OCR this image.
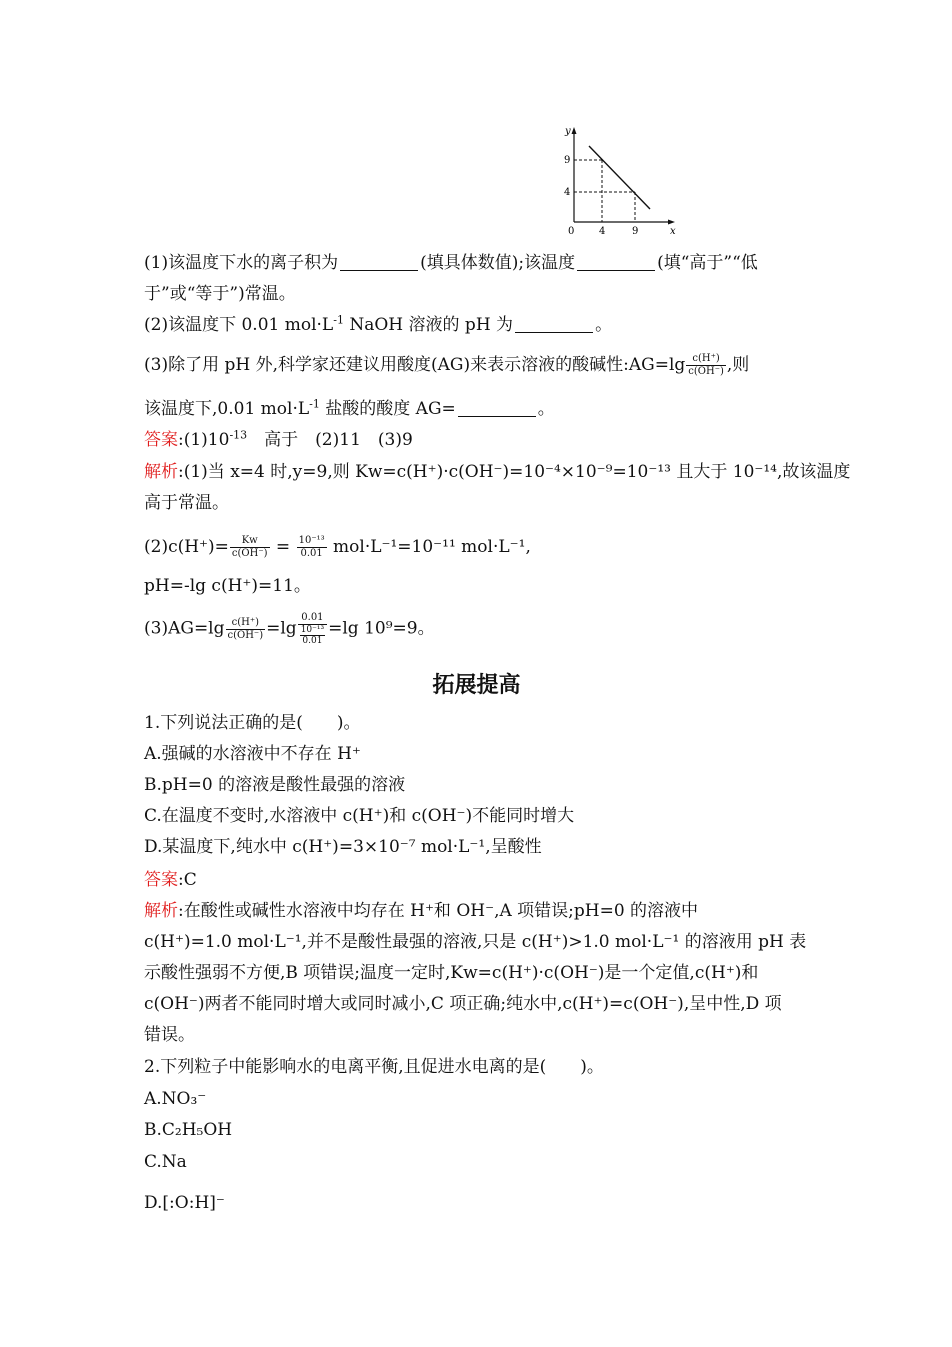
y
x
9
4
0 4	9
(1)该温度下水的离子积为	(填具体数值);该温度	(填“高于”“低
于”或“等于”)常温。
(2)该温度下 0.01 $mol\cdot L^{-1}$ NaOH 溶液的 pH 为	。
(3)除了用 pH 外,科学家还建议用酸度(AG)来表示溶液的酸碱性:AG=lg $\frac{c(H^+)}{c(OH^-)}$ ,则
该温度下,0.01 $mol\cdot L^{-1}$ 盐酸的酸度 AG=	。
答案$:(1)10^{-13}$　高于　(2)11　(3)9
解析:(1)当 x=4 时,y=9,则 Kw=c(H⁺)·c(OH⁻)=10⁻⁴×10⁻⁹=10⁻¹³ 且大于 10⁻¹⁴,故该温度
高于常温。
$(2)c(H^+)= \frac{Kw}{c(OH^-)} = \frac{\text{10⁻¹³}}{0.01} mol\cdot L^{-1}=10^{-11}$ mol·L⁻¹,
pH=-lg c(H⁺)=11。
$(3)AG=\lg \frac{c(H^+)}{c(OH^-)} =\lg \frac{0.01}{\frac{\text{10⁻¹³}}{0.01}} =\lg$ 10⁹=9。
拓展提高
1.下列说法正确的是(　　)。
A.强碱的水溶液中不存在 H⁺
B.pH=0 的溶液是酸性最强的溶液
C.在温度不变时,水溶液中 c(H⁺)和 c(OH⁻)不能同时增大
D.某温度下,纯水中 c(H⁺)=3×10⁻⁷ mol·L⁻¹,呈酸性
答案:C
解析:在酸性或碱性水溶液中均存在 H⁺和 OH⁻,A 项错误;pH=0 的溶液中
c(H⁺)=1.0 mol·L⁻¹,并不是酸性最强的溶液,只是 c(H⁺)>1.0 mol·L⁻¹ 的溶液用 pH 表
示酸性强弱不方便,B 项错误;温度一定时,Kw=c(H⁺)·c(OH⁻)是一个定值,c(H⁺)和
c(OH⁻)两者不能同时增大或同时减小,C 项正确;纯水中,c(H⁺)=c(OH⁻),呈中性,D 项
错误。
2.下列粒子中能影响水的电离平衡,且促进水电离的是(　　)。
A.NO₃⁻
B.C₂H₅OH
C.Na
D.[:O:H]⁻
